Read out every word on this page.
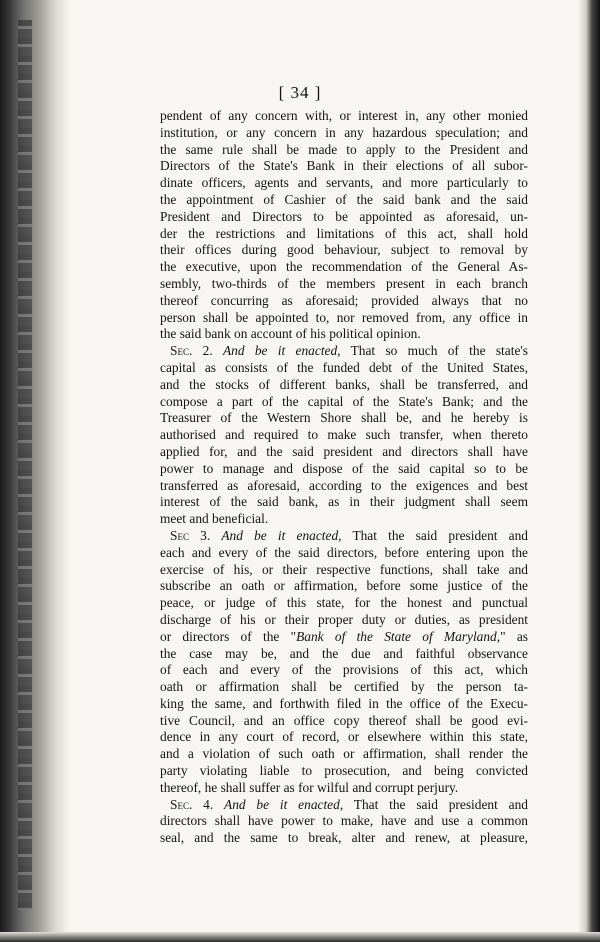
[ 34 ]
pendent of any concern with, or interest in, any other monied
institution, or any concern in any hazardous speculation; and
the same rule shall be made to apply to the President and
Directors of the State's Bank in their elections of all subor-
dinate officers, agents and servants, and more particularly to
the appointment of Cashier of the said bank and the said
President and Directors to be appointed as aforesaid, un-
der the restrictions and limitations of this act, shall hold
their offices during good behaviour, subject to removal by
the executive, upon the recommendation of the General As-
sembly, two-thirds of the members present in each branch
thereof concurring as aforesaid; provided always that no
person shall be appointed to, nor removed from, any office in
the said bank on account of his political opinion.
Sec. 2. And be it enacted, That so much of the state's
capital as consists of the funded debt of the United States,
and the stocks of different banks, shall be transferred, and
compose a part of the capital of the State's Bank; and the
Treasurer of the Western Shore shall be, and he hereby is
authorised and required to make such transfer, when thereto
applied for, and the said president and directors shall have
power to manage and dispose of the said capital so to be
transferred as aforesaid, according to the exigences and best
interest of the said bank, as in their judgment shall seem
meet and beneficial.
Sec 3. And be it enacted, That the said president and
each and every of the said directors, before entering upon the
exercise of his, or their respective functions, shall take and
subscribe an oath or affirmation, before some justice of the
peace, or judge of this state, for the honest and punctual
discharge of his or their proper duty or duties, as president
or directors of the "Bank of the State of Maryland," as
the case may be, and the due and faithful observance
of each and every of the provisions of this act, which
oath or affirmation shall be certified by the person ta-
king the same, and forthwith filed in the office of the Execu-
tive Council, and an office copy thereof shall be good evi-
dence in any court of record, or elsewhere within this state,
and a violation of such oath or affirmation, shall render the
party violating liable to prosecution, and being convicted
thereof, he shall suffer as for wilful and corrupt perjury.
Sec. 4. And be it enacted, That the said president and
directors shall have power to make, have and use a common
seal, and the same to break, alter and renew, at pleasure,
